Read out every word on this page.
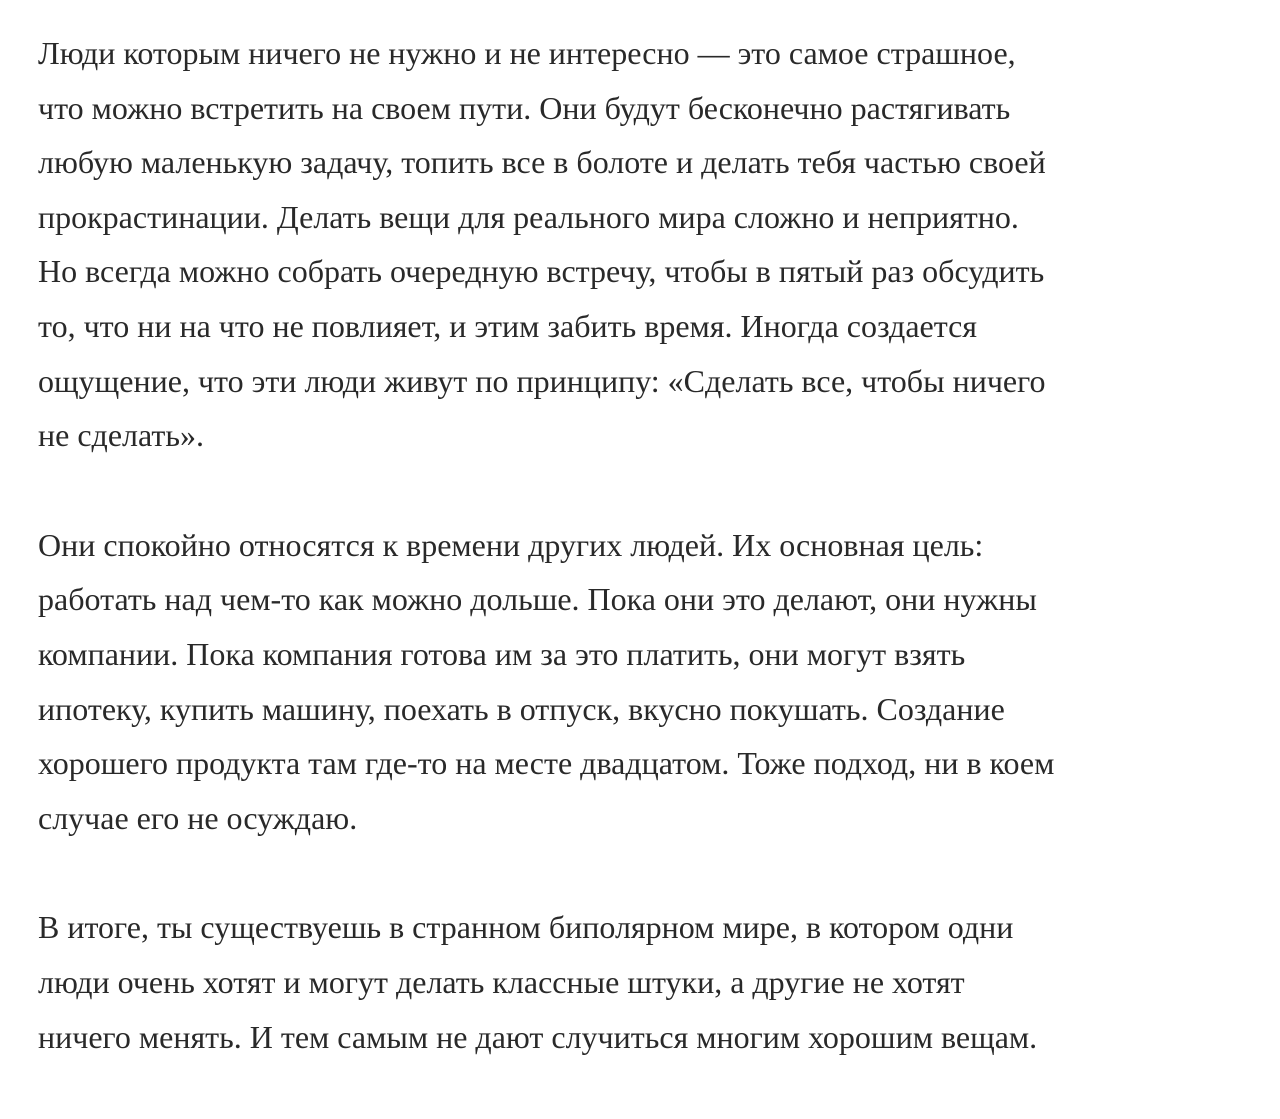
Люди которым ничего не нужно и не интересно — это самое страшное,
что можно встретить на своем пути. Они будут бесконечно растягивать
любую маленькую задачу, топить все в болоте и делать тебя частью своей
прокрастинации. Делать вещи для реального мира сложно и неприятно.
Но всегда можно собрать очередную встречу, чтобы в пятый раз обсудить
то, что ни на что не повлияет, и этим забить время. Иногда создается
ощущение, что эти люди живут по принципу: «Сделать все, чтобы ничего
не сделать».

Они спокойно относятся к времени других людей. Их основная цель:
работать над чем-то как можно дольше. Пока они это делают, они нужны
компании. Пока компания готова им за это платить, они могут взять
ипотеку, купить машину, поехать в отпуск, вкусно покушать. Создание
хорошего продукта там где-то на месте двадцатом. Тоже подход, ни в коем
случае его не осуждаю.

В итоге, ты существуешь в странном биполярном мире, в котором одни
люди очень хотят и могут делать классные штуки, а другие не хотят
ничего менять. И тем самым не дают случиться многим хорошим вещам.
